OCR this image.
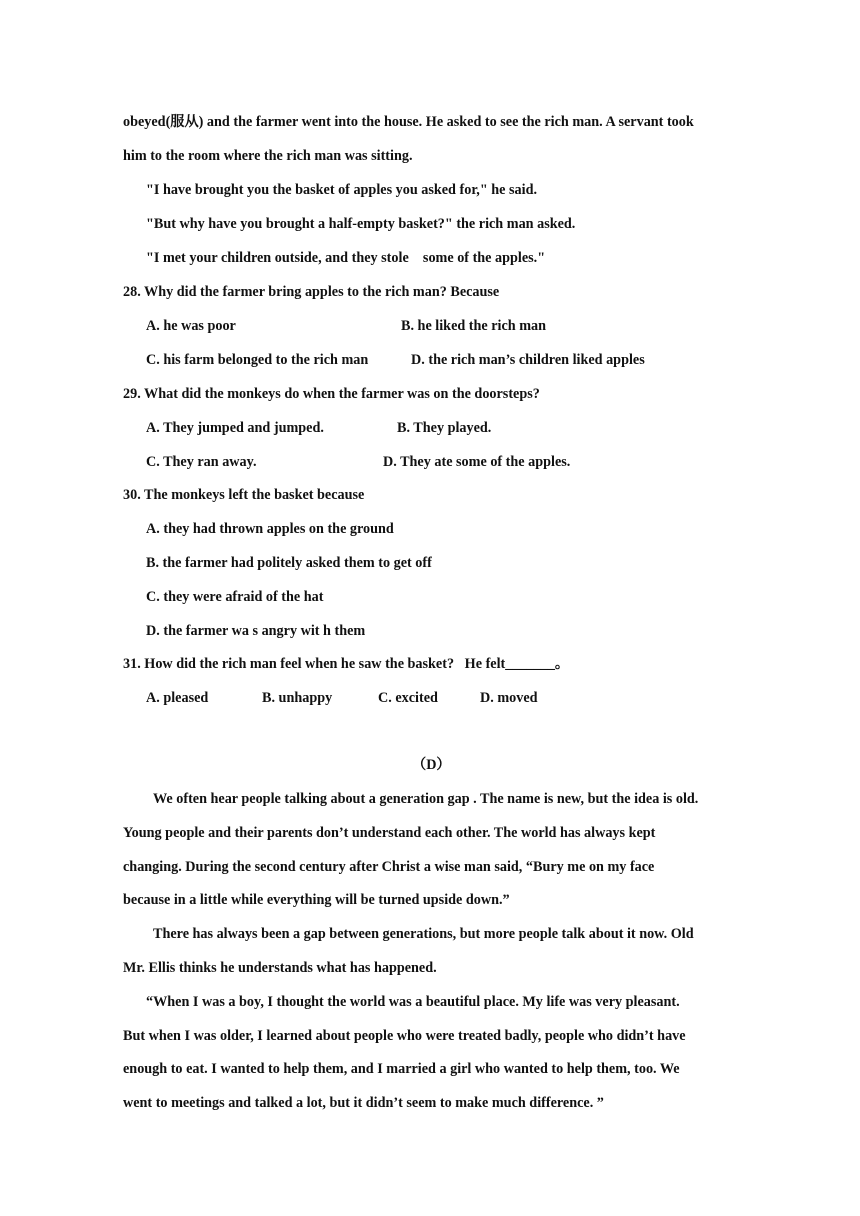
obeyed(服从) and the farmer went into the house. He asked to see the rich man. A servant took
him to the room where the rich man was sitting.
"I have brought you the basket of apples you asked for," he said.
"But why have you brought a half-empty basket?" the rich man asked.
"I met your children outside, and they stole    some of the apples."
28. Why did the farmer bring apples to the rich man? Because
A. he was poor	B. he liked the rich man
C. his farm belonged to the rich man	D. the rich man’s children liked apples
29. What did the monkeys do when the farmer was on the doorsteps?
A. They jumped and jumped.	B. They played.
C. They ran away.	D. They ate some of the apples.
30. The monkeys left the basket because
A. they had thrown apples on the ground
B. the farmer had politely asked them to get off
C. they were afraid of the hat
D. the farmer wa s angry wit h them
31. How did the rich man feel when he saw the basket?   He felt_______。
A. pleased	B. unhappy	C. excited	D. moved
（D）
We often hear people talking about a generation gap . The name is new, but the idea is old.
Young people and their parents don’t understand each other. The world has always kept
changing. During the second century after Christ a wise man said, “Bury me on my face
because in a little while everything will be turned upside down.”
There has always been a gap between generations, but more people talk about it now. Old
Mr. Ellis thinks he understands what has happened.
“When I was a boy, I thought the world was a beautiful place. My life was very pleasant.
But when I was older, I learned about people who were treated badly, people who didn’t have
enough to eat. I wanted to help them, and I married a girl who wanted to help them, too. We
went to meetings and talked a lot, but it didn’t seem to make much difference. ”
